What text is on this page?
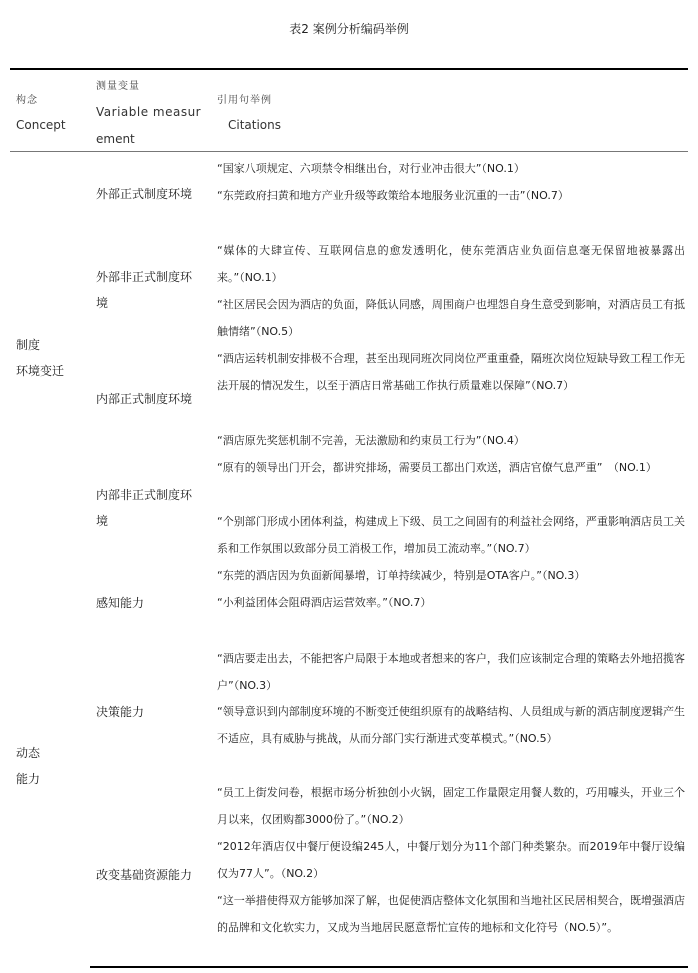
表2 案例分析编码举例
构念
Concept
测量变量
Variable measur
ement
引用句举例
Citations
制度
环境变迁
动态
能力
外部正式制度环境
外部非正式制度环
境
内部正式制度环境
内部非正式制度环
境
感知能力
决策能力
改变基础资源能力
“国家八项规定、六项禁令相继出台，对行业冲击很大”（NO.1）
“东莞政府扫黄和地方产业升级等政策给本地服务业沉重的一击”（NO.7）
“媒体的大肆宣传、互联网信息的愈发透明化，使东莞酒店业负面信息毫无保留地被暴露出来。”（NO.1）
“社区居民会因为酒店的负面，降低认同感，周围商户也埋怨自身生意受到影响，对酒店员工有抵触情绪”（NO.5）
“酒店运转机制安排极不合理，甚至出现同班次同岗位严重重叠，隔班次岗位短缺导致工程工作无法开展的情况发生，以至于酒店日常基础工作执行质量难以保障”（NO.7）
“酒店原先奖惩机制不完善，无法激励和约束员工行为”（NO.4）
“原有的领导出门开会，都讲究排场，需要员工都出门欢送，酒店官僚气息严重”　（NO.1）
“个别部门形成小团体利益，构建成上下级、员工之间固有的利益社会网络，严重影响酒店员工关系和工作氛围以致部分员工消极工作，增加员工流动率。”（NO.7）
“东莞的酒店因为负面新闻暴增，订单持续减少，特别是OTA客户。”（NO.3）
“小利益团体会阻碍酒店运营效率。”（NO.7）
“酒店要走出去，不能把客户局限于本地或者想来的客户，我们应该制定合理的策略去外地招揽客户”（NO.3）
“领导意识到内部制度环境的不断变迁使组织原有的战略结构、人员组成与新的酒店制度逻辑产生不适应，具有威胁与挑战，从而分部门实行渐进式变革模式。”（NO.5）
“员工上街发问卷，根据市场分析独创小火锅，固定工作量限定用餐人数的，巧用噱头，开业三个月以来，仅团购都3000份了。”（NO.2）
“2012年酒店仅中餐厅便设编245人，中餐厅划分为11个部门种类繁杂。而2019年中餐厅设编仅为77人”。（NO.2）
“这一举措使得双方能够加深了解，也促使酒店整体文化氛围和当地社区民居相契合，既增强酒店的品牌和文化软实力，又成为当地居民愿意帮忙宣传的地标和文化符号（NO.5）”。
